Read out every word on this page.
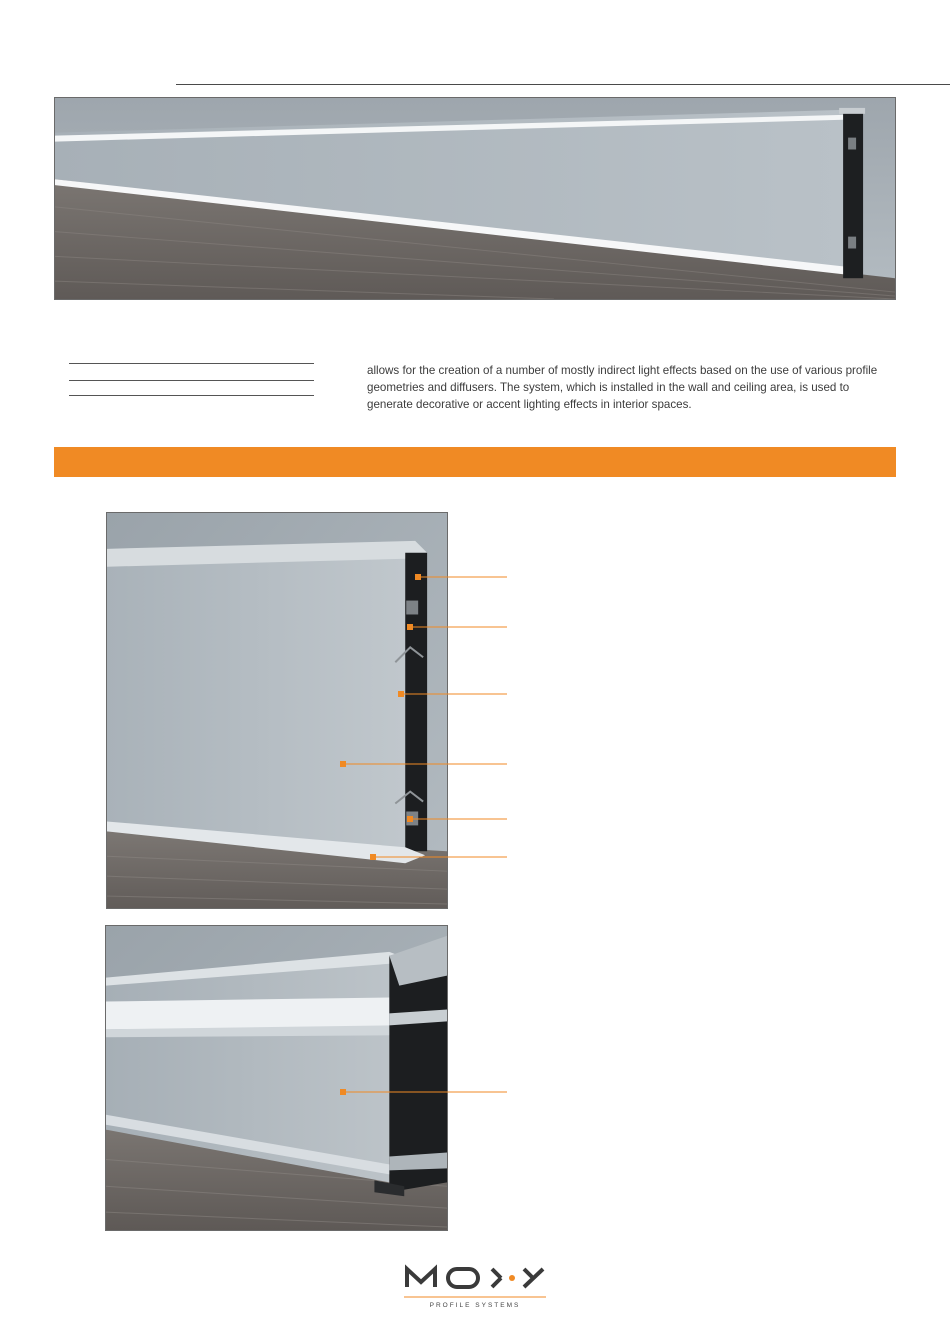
allows for the creation of a number of mostly indirect light effects based on the use of various profile geometries and diffusers. The system, which is installed in the wall and ceiling area, is used to generate decorative or accent lighting effects in interior spaces.

PROFILE SYSTEMS
